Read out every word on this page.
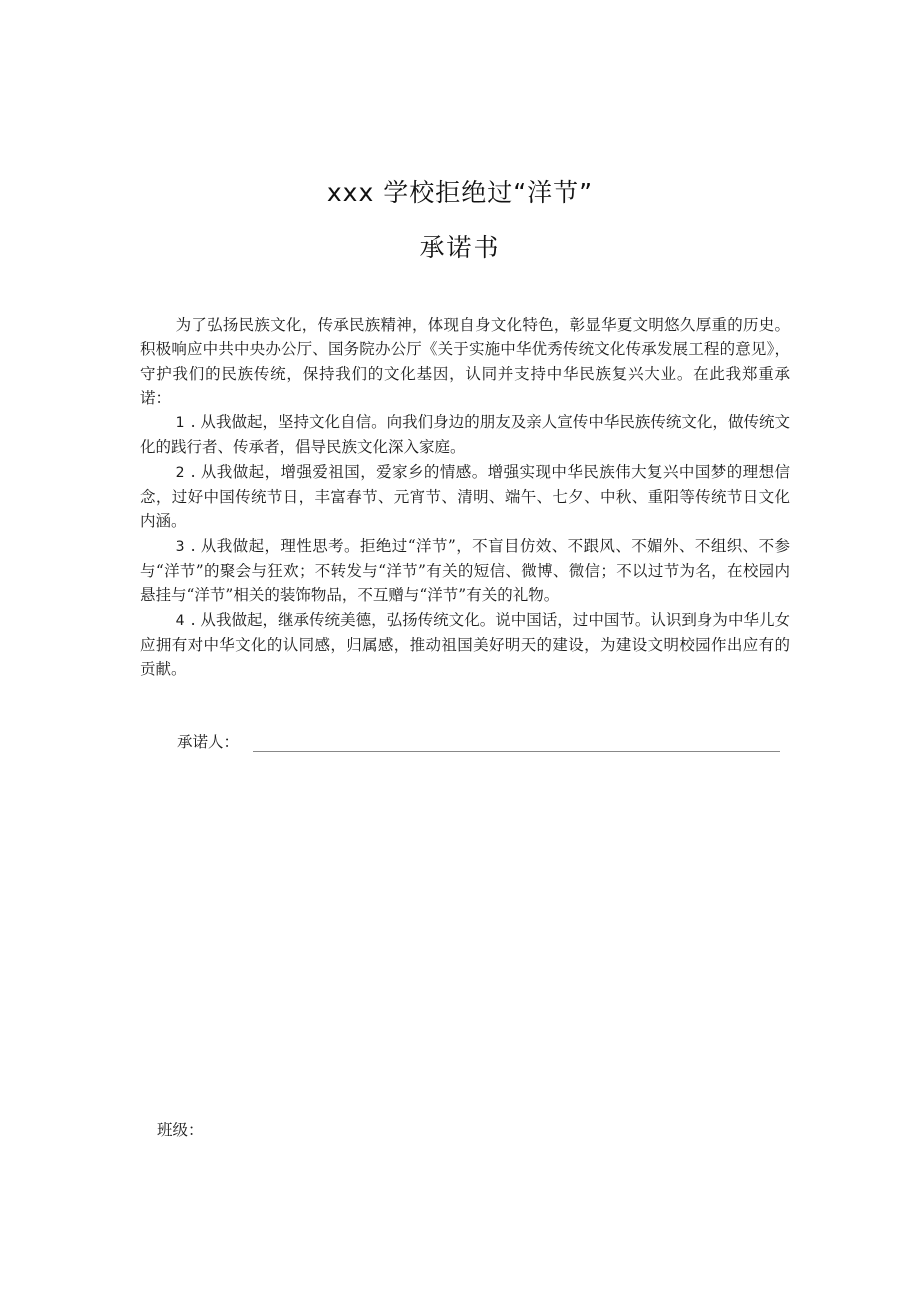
xxx 学校拒绝过“洋节”
承诺书

为了弘扬民族文化，传承民族精神，体现自身文化特色，彰显华夏文明悠久厚重的历史。积极响应中共中央办公厅、国务院办公厅《关于实施中华优秀传统文化传承发展工程的意见》，守护我们的民族传统，保持我们的文化基因，认同并支持中华民族复兴大业。在此我郑重承诺：

1 . 从我做起，坚持文化自信。向我们身边的朋友及亲人宣传中华民族传统文化，做传统文化的践行者、传承者，倡导民族文化深入家庭。

2 . 从我做起，增强爱祖国，爱家乡的情感。增强实现中华民族伟大复兴中国梦的理想信念，过好中国传统节日，丰富春节、元宵节、清明、端午、七夕、中秋、重阳等传统节日文化内涵。

3 . 从我做起，理性思考。拒绝过“洋节”，不盲目仿效、不跟风、不媚外、不组织、不参与“洋节”的聚会与狂欢；不转发与“洋节”有关的短信、微博、微信；不以过节为名，在校园内悬挂与“洋节”相关的装饰物品，不互赠与“洋节”有关的礼物。

4 . 从我做起，继承传统美德，弘扬传统文化。说中国话，过中国节。认识到身为中华儿女应拥有对中华文化的认同感，归属感，推动祖国美好明天的建设，为建设文明校园作出应有的贡献。

承诺人：
班级：
